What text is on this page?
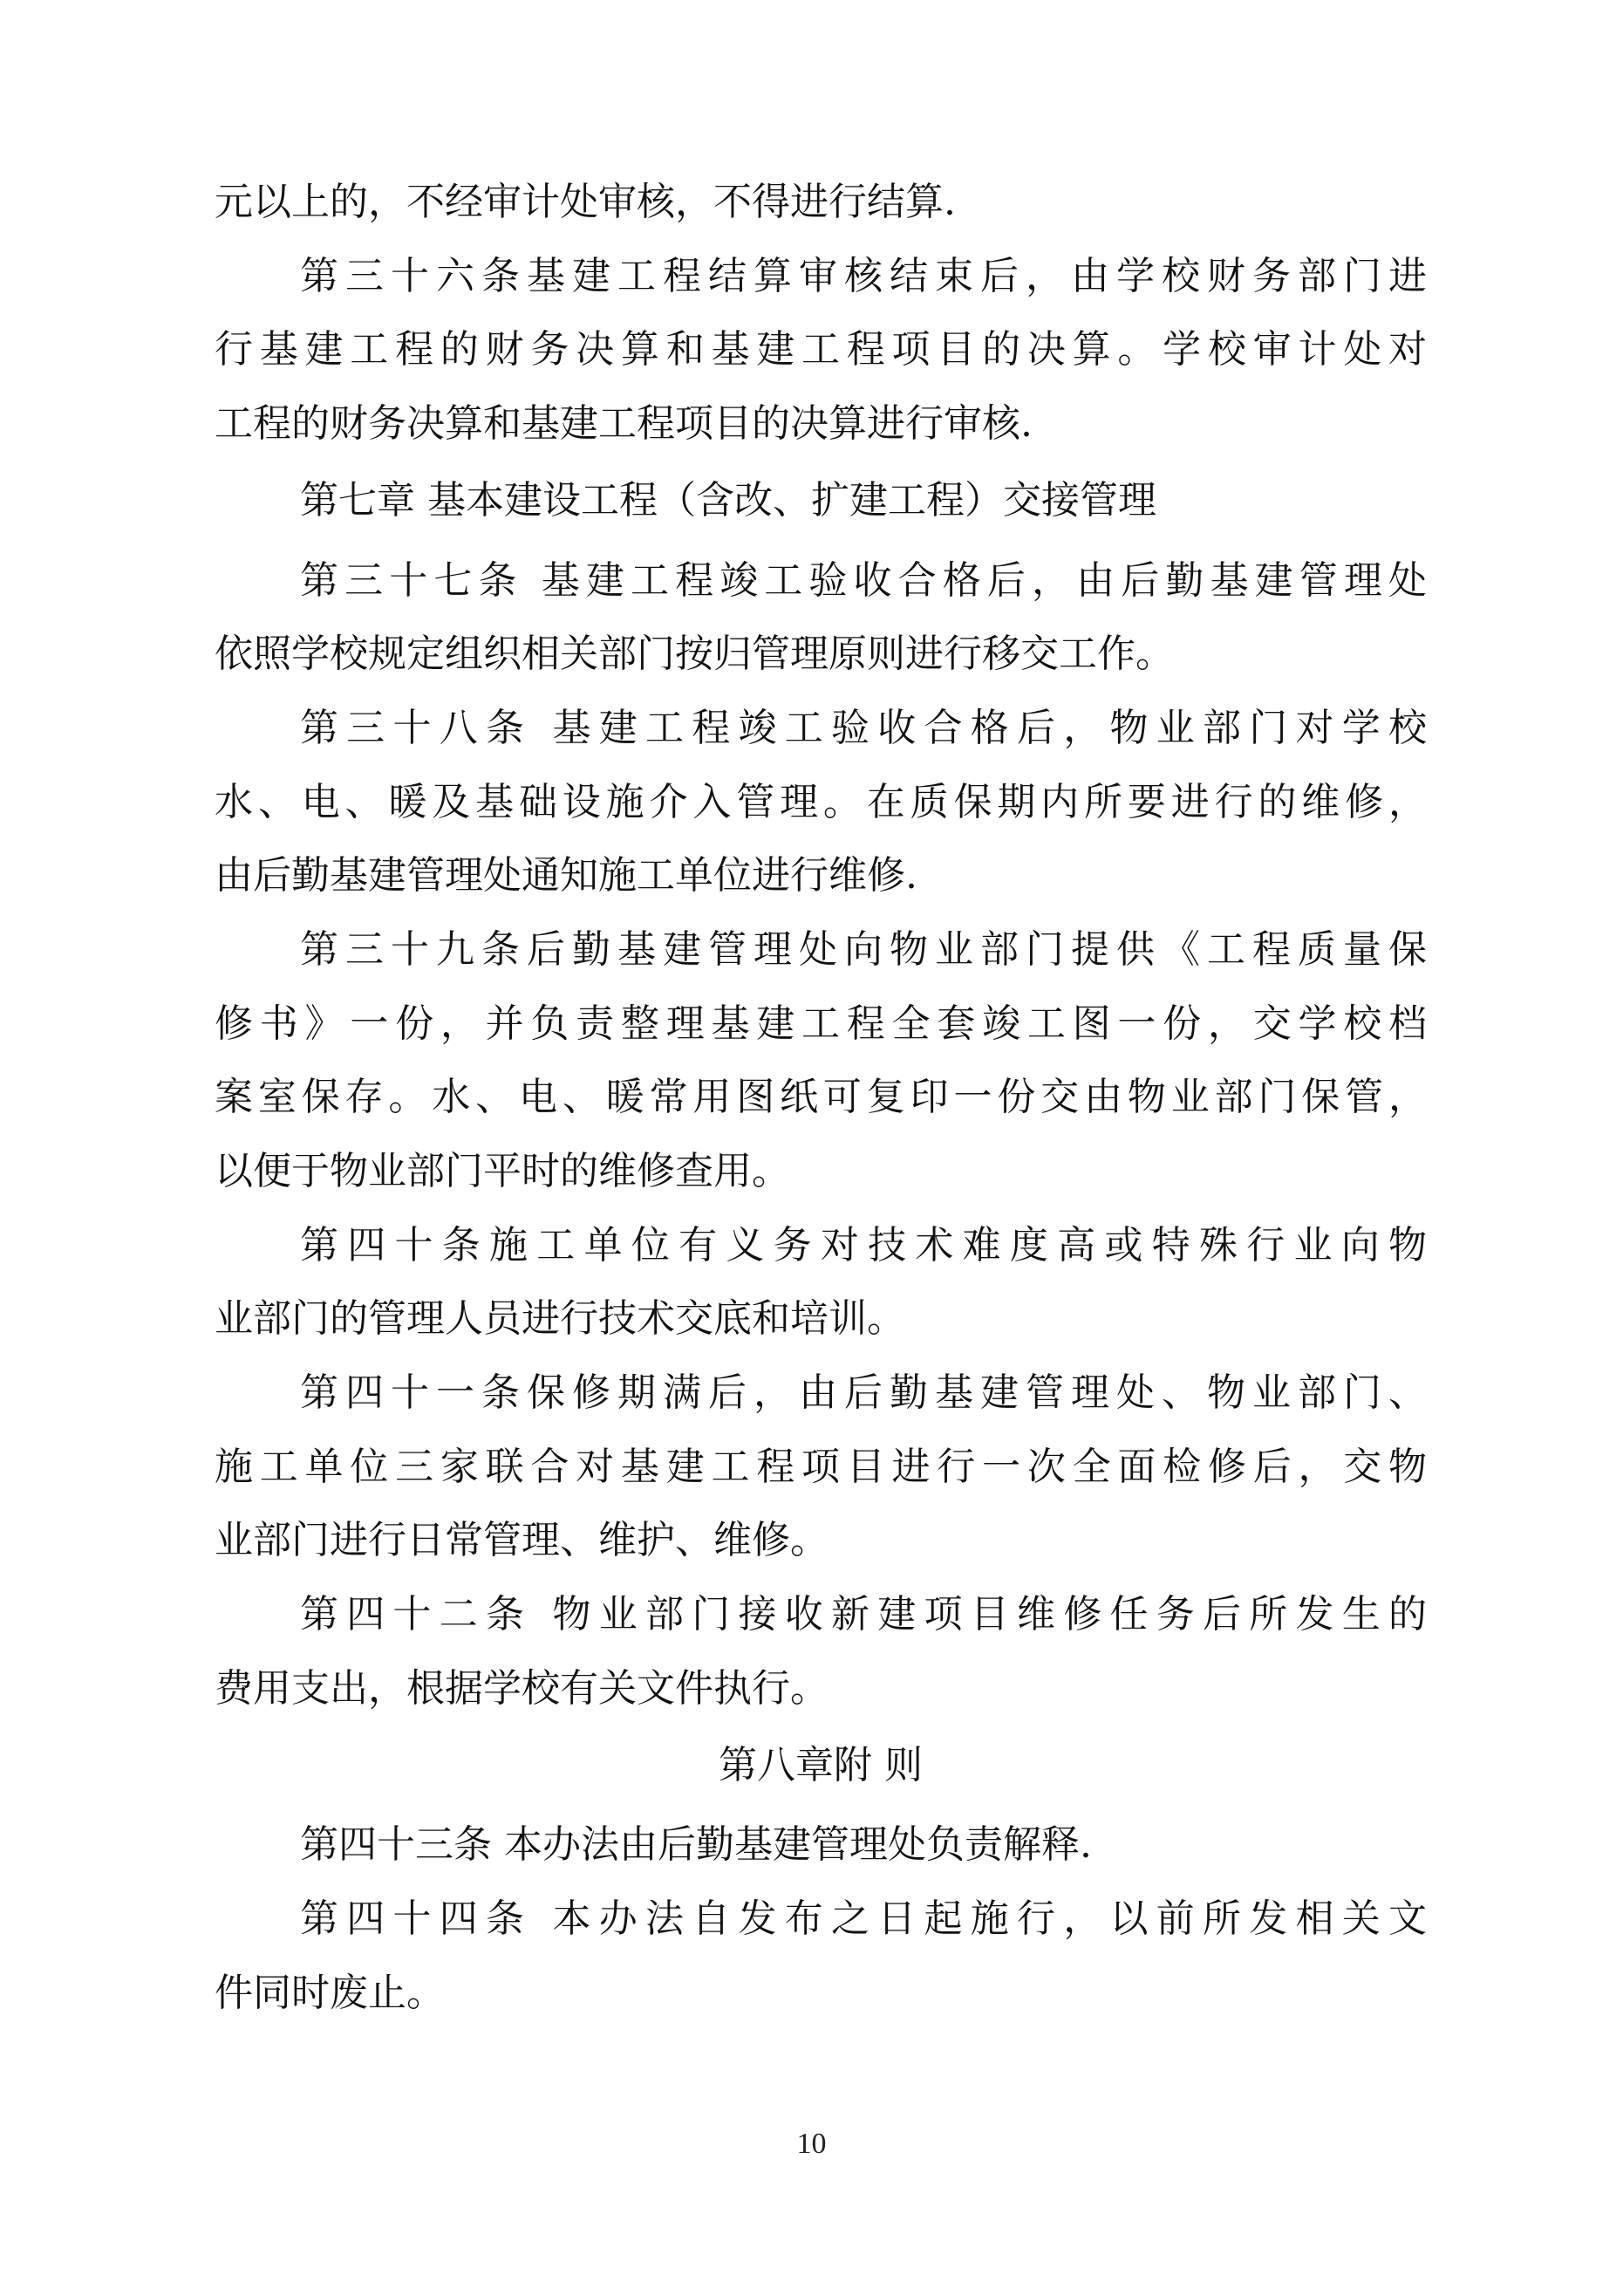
元以上的，不经审计处审核，不得进行结算.
第三十六条基建工程结算审核结束后，由学校财务部门进
行基建工程的财务决算和基建工程项目的决算。学校审计处对
工程的财务决算和基建工程项目的决算进行审核.
第七章 基本建设工程（含改、扩建工程）交接管理
第三十七条 基建工程竣工验收合格后，由后勤基建管理处
依照学校规定组织相关部门按归管理原则进行移交工作。
第三十八条 基建工程竣工验收合格后，物业部门对学校
水、电、暖及基础设施介入管理。在质保期内所要进行的维修，
由后勤基建管理处通知施工单位进行维修.
第三十九条后勤基建管理处向物业部门提供《工程质量保
修书》一份，并负责整理基建工程全套竣工图一份，交学校档
案室保存。水、电、暖常用图纸可复印一份交由物业部门保管，
以便于物业部门平时的维修查用。
第四十条施工单位有义务对技术难度高或特殊行业向物
业部门的管理人员进行技术交底和培训。
第四十一条保修期满后，由后勤基建管理处、物业部门、
施工单位三家联合对基建工程项目进行一次全面检修后，交物
业部门进行日常管理、维护、维修。
第四十二条 物业部门接收新建项目维修任务后所发生的
费用支出，根据学校有关文件执行。
第八章附 则
第四十三条 本办法由后勤基建管理处负责解释.
第四十四条 本办法自发布之日起施行，以前所发相关文
件同时废止。
10
